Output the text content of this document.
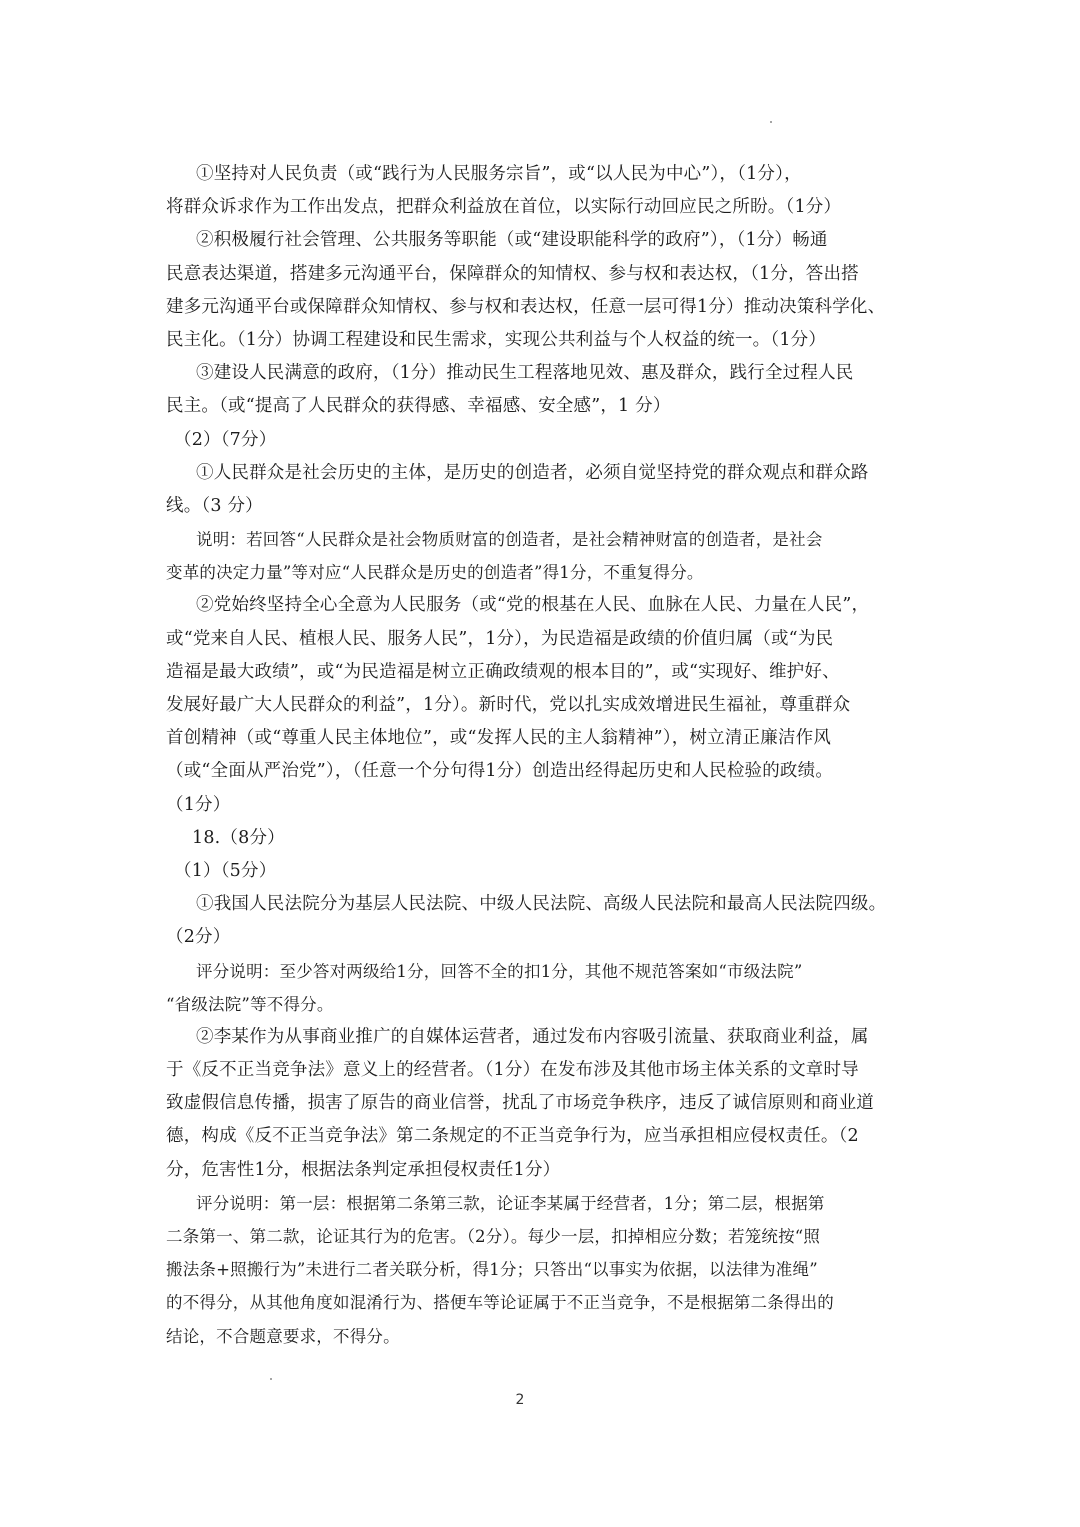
①坚持对人民负责（或“践行为人民服务宗旨”，或“以人民为中心”），（1分），
将群众诉求作为工作出发点，把群众利益放在首位，以实际行动回应民之所盼。（1分）
②积极履行社会管理、公共服务等职能（或“建设职能科学的政府”），（1分）畅通
民意表达渠道，搭建多元沟通平台，保障群众的知情权、参与权和表达权，（1分，答出搭
建多元沟通平台或保障群众知情权、参与权和表达权，任意一层可得1分）推动决策科学化、
民主化。（1分）协调工程建设和民生需求，实现公共利益与个人权益的统一。（1分）
③建设人民满意的政府，（1分）推动民生工程落地见效、惠及群众，践行全过程人民
民主。（或“提高了人民群众的获得感、幸福感、安全感”，1 分）
（2）（7分）
①人民群众是社会历史的主体，是历史的创造者，必须自觉坚持党的群众观点和群众路
线。（3 分）
说明：若回答“人民群众是社会物质财富的创造者，是社会精神财富的创造者，是社会
变革的决定力量”等对应“人民群众是历史的创造者”得1分，不重复得分。
②党始终坚持全心全意为人民服务（或“党的根基在人民、血脉在人民、力量在人民”，
或“党来自人民、植根人民、服务人民”，1分），为民造福是政绩的价值归属（或“为民
造福是最大政绩”，或“为民造福是树立正确政绩观的根本目的”，或“实现好、维护好、
发展好最广大人民群众的利益”，1分）。新时代，党以扎实成效增进民生福祉，尊重群众
首创精神（或“尊重人民主体地位”，或“发挥人民的主人翁精神”），树立清正廉洁作风
（或“全面从严治党”），（任意一个分句得1分）创造出经得起历史和人民检验的政绩。
（1分）
18.（8分）
（1）（5分）
①我国人民法院分为基层人民法院、中级人民法院、高级人民法院和最高人民法院四级。
（2分）
评分说明：至少答对两级给1分，回答不全的扣1分，其他不规范答案如“市级法院”
“省级法院”等不得分。
②李某作为从事商业推广的自媒体运营者，通过发布内容吸引流量、获取商业利益，属
于《反不正当竞争法》意义上的经营者。（1分）在发布涉及其他市场主体关系的文章时导
致虚假信息传播，损害了原告的商业信誉，扰乱了市场竞争秩序，违反了诚信原则和商业道
德，构成《反不正当竞争法》第二条规定的不正当竞争行为，应当承担相应侵权责任。（2
分，危害性1分，根据法条判定承担侵权责任1分）
评分说明：第一层：根据第二条第三款，论证李某属于经营者，1分；第二层，根据第
二条第一、第二款，论证其行为的危害。（2分）。每少一层，扣掉相应分数；若笼统按“照
搬法条+照搬行为”未进行二者关联分析，得1分；只答出“以事实为依据，以法律为准绳”
的不得分，从其他角度如混淆行为、搭便车等论证属于不正当竞争，不是根据第二条得出的
结论，不合题意要求，不得分。
2
